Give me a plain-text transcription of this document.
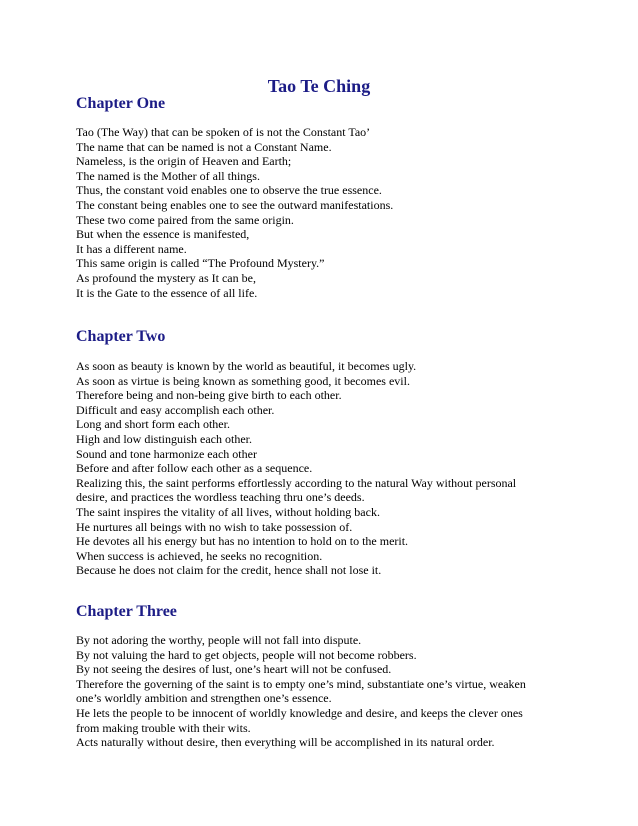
Tao Te Ching
Chapter One
Tao (The Way) that can be spoken of is not the Constant Tao’
The name that can be named is not a Constant Name.
Nameless, is the origin of Heaven and Earth;
The named is the Mother of all things.
Thus, the constant void enables one to observe the true essence.
The constant being enables one to see the outward manifestations.
These two come paired from the same origin.
But when the essence is manifested,
It has a different name.
This same origin is called “The Profound Mystery.”
As profound the mystery as It can be,
It is the Gate to the essence of all life.
Chapter Two
As soon as beauty is known by the world as beautiful, it becomes ugly.
As soon as virtue is being known as something good, it becomes evil.
Therefore being and non-being give birth to each other.
Difficult and easy accomplish each other.
Long and short form each other.
High and low distinguish each other.
Sound and tone harmonize each other
Before and after follow each other as a sequence.
Realizing this, the saint performs effortlessly according to the natural Way without personal
desire, and practices the wordless teaching thru one’s deeds.
The saint inspires the vitality of all lives, without holding back.
He nurtures all beings with no wish to take possession of.
He devotes all his energy but has no intention to hold on to the merit.
When success is achieved, he seeks no recognition.
Because he does not claim for the credit, hence shall not lose it.
Chapter Three
By not adoring the worthy, people will not fall into dispute.
By not valuing the hard to get objects, people will not become robbers.
By not seeing the desires of lust, one’s heart will not be confused.
Therefore the governing of the saint is to empty one’s mind, substantiate one’s virtue, weaken
one’s worldly ambition and strengthen one’s essence.
He lets the people to be innocent of worldly knowledge and desire, and keeps the clever ones
from making trouble with their wits.
Acts naturally without desire, then everything will be accomplished in its natural order.
